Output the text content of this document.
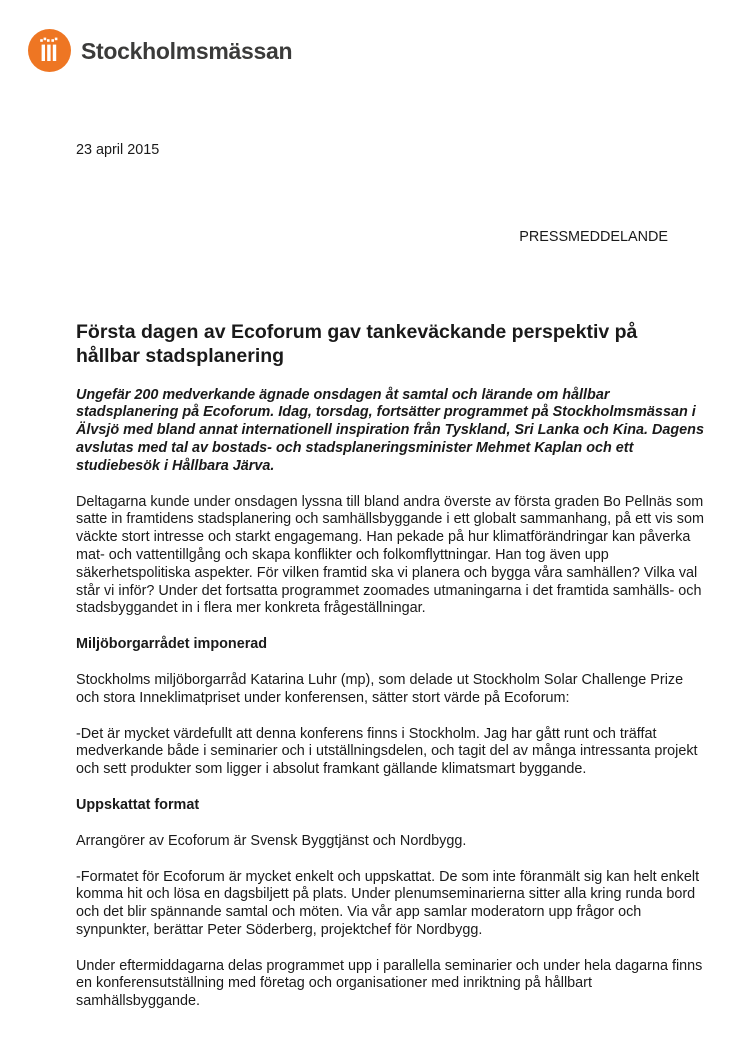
Stockholmsmässan
23 april 2015
PRESSMEDDELANDE
Första dagen av Ecoforum gav tankeväckande perspektiv på hållbar stadsplanering

Ungefär 200 medverkande ägnade onsdagen åt samtal och lärande om hållbar stadsplanering på Ecoforum. Idag, torsdag, fortsätter programmet på Stockholmsmässan i Älvsjö med bland annat internationell inspiration från Tyskland, Sri Lanka och Kina. Dagens avslutas med tal av bostads- och stadsplaneringsminister Mehmet Kaplan och ett studiebesök i Hållbara Järva.

Deltagarna kunde under onsdagen lyssna till bland andra överste av första graden Bo Pellnäs som satte in framtidens stadsplanering och samhällsbyggande i ett globalt sammanhang, på ett vis som väckte stort intresse och starkt engagemang. Han pekade på hur klimatförändringar kan påverka mat- och vattentillgång och skapa konflikter och folkomflyttningar. Han tog även upp säkerhetspolitiska aspekter. För vilken framtid ska vi planera och bygga våra samhällen? Vilka val står vi inför? Under det fortsatta programmet zoomades utmaningarna i det framtida samhälls- och stadsbyggandet in i flera mer konkreta frågeställningar.

Miljöborgarrådet imponerad

Stockholms miljöborgarråd Katarina Luhr (mp), som delade ut Stockholm Solar Challenge Prize och stora Inneklimatpriset under konferensen, sätter stort värde på Ecoforum:

-Det är mycket värdefullt att denna konferens finns i Stockholm. Jag har gått runt och träffat medverkande både i seminarier och i utställningsdelen, och tagit del av många intressanta projekt och sett produkter som ligger i absolut framkant gällande klimatsmart byggande.

Uppskattat format

Arrangörer av Ecoforum är Svensk Byggtjänst och Nordbygg.

-Formatet för Ecoforum är mycket enkelt och uppskattat. De som inte föranmält sig kan helt enkelt komma hit och lösa en dagsbiljett på plats. Under plenumseminarierna sitter alla kring runda bord och det blir spännande samtal och möten. Via vår app samlar moderatorn upp frågor och synpunkter, berättar Peter Söderberg, projektchef för Nordbygg.

Under eftermiddagarna delas programmet upp i parallella seminarier och under hela dagarna finns en konferensutställning med företag och organisationer med inriktning på hållbart samhällsbyggande.
